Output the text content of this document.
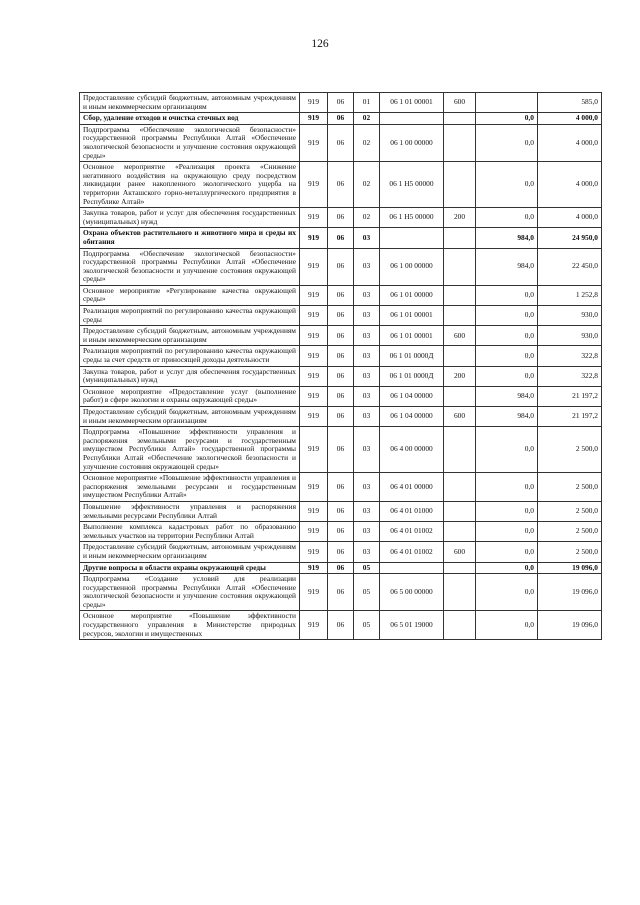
126
Предоставление субсидий бюджетным, автономным учреждениям и иным некоммерческим организациям	919	06	01	06 1 01 00001	600		585,0
Сбор, удаление отходов и очистка сточных вод	919	06	02			0,0	4 000,0
Подпрограмма «Обеспечение экологической безопасности» государственной программы Республики Алтай «Обеспечение экологической безопасности и улучшение состояния окружающей среды»	919	06	02	06 1 00 00000		0,0	4 000,0
Основное мероприятие «Реализация проекта «Снижение негативного воздействия на окружающую среду посредством ликвидации ранее накопленного экологического ущерба на территории Акташского горно-металлургического предприятия в Республике Алтай»	919	06	02	06 1 Н5 00000		0,0	4 000,0
Закупка товаров, работ и услуг для обеспечения государственных (муниципальных) нужд	919	06	02	06 1 Н5 00000	200	0,0	4 000,0
Охрана объектов растительного и животного мира и среды их обитания	919	06	03			984,0	24 950,0
Подпрограмма «Обеспечение экологической безопасности» государственной программы Республики Алтай «Обеспечение экологической безопасности и улучшение состояния окружающей среды»	919	06	03	06 1 00 00000		984,0	22 450,0
Основное мероприятие «Регулирование качества окружающей среды»	919	06	03	06 1 01 00000		0,0	1 252,8
Реализация мероприятий по регулированию качества окружающей среды	919	06	03	06 1 01 00001		0,0	930,0
Предоставление субсидий бюджетным, автономным учреждениям и иным некоммерческим организациям	919	06	03	06 1 01 00001	600	0,0	930,0
Реализация мероприятий по регулированию качества окружающей среды за счет средств от приносящей доходы деятельности	919	06	03	06 1 01 0000Д		0,0	322,8
Закупка товаров, работ и услуг для обеспечения государственных (муниципальных) нужд	919	06	03	06 1 01 0000Д	200	0,0	322,8
Основное мероприятие «Предоставление услуг (выполнение работ) в сфере экологии и охраны окружающей среды»	919	06	03	06 1 04 00000		984,0	21 197,2
Предоставление субсидий бюджетным, автономным учреждениям и иным некоммерческим организациям	919	06	03	06 1 04 00000	600	984,0	21 197,2
Подпрограмма «Повышение эффективности управления и распоряжения земельными ресурсами и государственным имуществом Республики Алтай» государственной программы Республики Алтай «Обеспечение экологической безопасности и улучшение состояния окружающей среды»	919	06	03	06 4 00 00000		0,0	2 500,0
Основное мероприятие «Повышение эффективности управления и распоряжения земельными ресурсами и государственным имуществом Республики Алтай»	919	06	03	06 4 01 00000		0,0	2 500,0
Повышение эффективности управления и распоряжения земельными ресурсами Республики Алтай	919	06	03	06 4 01 01000		0,0	2 500,0
Выполнение комплекса кадастровых работ по образованию земельных участков на территории Республики Алтай	919	06	03	06 4 01 01002		0,0	2 500,0
Предоставление субсидий бюджетным, автономным учреждениям и иным некоммерческим организациям	919	06	03	06 4 01 01002	600	0,0	2 500,0
Другие вопросы в области охраны окружающей среды	919	06	05			0,0	19 096,0
Подпрограмма «Создание условий для реализации государственной программы Республики Алтай «Обеспечение экологической безопасности и улучшение состояния окружающей среды»	919	06	05	06 5 00 00000		0,0	19 096,0
Основное мероприятие «Повышение эффективности государственного управления в Министерстве природных ресурсов, экологии и имущественных	919	06	05	06 5 01 19000		0,0	19 096,0
